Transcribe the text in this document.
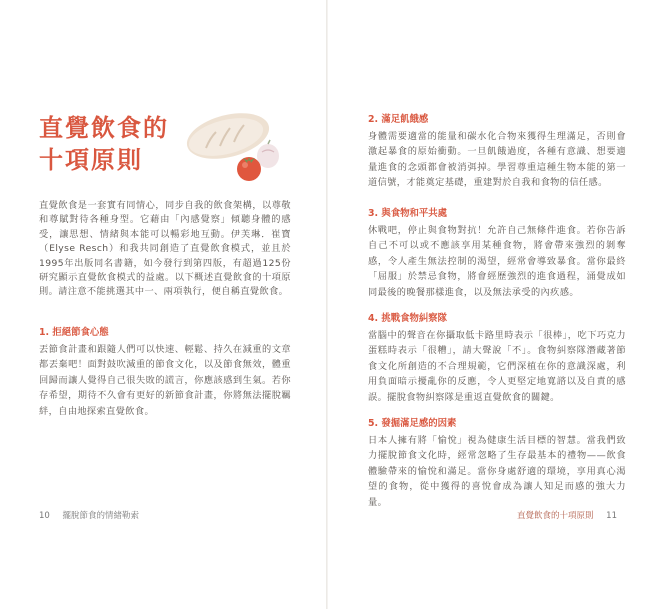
直覺飲食的
十項原則

直覺飲食是一套實有同情心，同步自我的飲食架構，以尊敬和尊賦對待各種身型。它藉由「內感覺察」傾聽身體的感受，讓思想、情緒與本能可以暢彩地互動。伊芙琳．崔寶（Elyse Resch）和我共同創造了直覺飲食模式，並且於1995年出版同名書籍，如今發行到第四版，有超過125份研究顯示直覺飲食模式的益處。以下概述直覺飲食的十項原則。請注意不能挑選其中一、兩項執行，便自稱直覺飲食。

1. 拒絕節食心態

丟節食計畫和跟隨人們可以快速、輕鬆、持久在減重的文章都丟棄吧！面對鼓吹減重的節食文化，以及節食無效，體重回歸而讓人覺得自己很失敗的謊言，你應該感到生氣。若你存希望，期待不久會有更好的新節食計畫，你將無法擺脫羈絆，自由地探索直覺飲食。

10 擺脫節食的情緒勒索
2. 滿足飢餓感

身體需要適當的能量和碳水化合物來獲得生理滿足，否則會激起暴食的原始衝動。一旦飢餓過度，各種有意識、想要適量進食的念頭都會被消弭掉。學習尊重這種生物本能的第一道信號，才能奠定基礎，重建對於自我和食物的信任感。

3. 與食物和平共處

休戰吧，停止與食物對抗！允許自己無條件進食。若你告訴自己不可以或不應該享用某種食物，將會帶來強烈的剝奪感，令人產生無法控制的渴望，經常會導致暴食。當你最終「屈服」於禁忌食物，將會經歷強烈的進食過程，涌覺成如同最後的晚餐那樣進食，以及無法承受的內疚感。

4. 挑戰食物糾察隊

當腦中的聲音在你攝取低卡路里時表示「很棒」，吃下巧克力蛋糕時表示「很糟」，請大聲說「不」。食物糾察隊潛藏著節食文化所創造的不合理規範，它們深植在你的意識深處，利用負面暗示擾亂你的反應，令人更堅定地寬諮以及自責的感誤。擺脫食物糾察隊是重返直覺飲食的關鍵。

5. 發掘滿足感的因素

日本人擁有將「愉悅」視為健康生活目標的智慧。當我們致力擺脫節食文化時，經常忽略了生存最基本的禮物——飲食體驗帶來的愉悅和滿足。當你身處舒適的環境，享用真心渴望的食物，從中獲得的喜悅會成為讓人知足而感的強大力量。

直覺飲食的十項原則 11
